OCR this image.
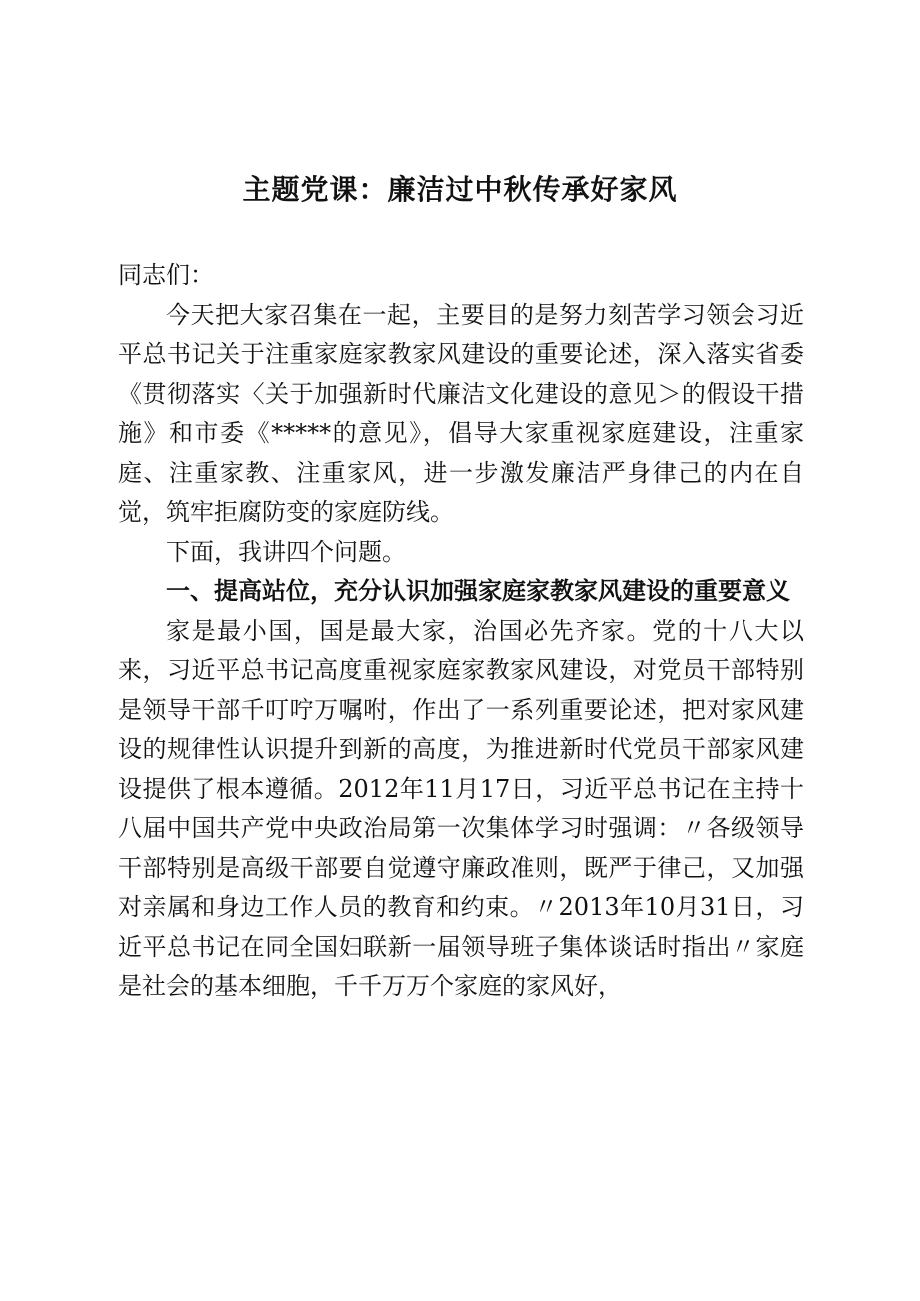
主题党课：廉洁过中秋传承好家风

同志们：

今天把大家召集在一起，主要目的是努力刻苦学习领会习近平总书记关于注重家庭家教家风建设的重要论述，深入落实省委《贯彻落实〈关于加强新时代廉洁文化建设的意见＞的假设干措施》和市委《*****的意见》，倡导大家重视家庭建设，注重家庭、注重家教、注重家风，进一步激发廉洁严身律己的内在自觉，筑牢拒腐防变的家庭防线。

下面，我讲四个问题。

一、提高站位，充分认识加强家庭家教家风建设的重要意义

家是最小国，国是最大家，治国必先齐家。党的十八大以来，习近平总书记高度重视家庭家教家风建设，对党员干部特别是领导干部千叮咛万嘱咐，作出了一系列重要论述，把对家风建设的规律性认识提升到新的高度，为推进新时代党员干部家风建设提供了根本遵循。2012年11月17日，习近平总书记在主持十八届中国共产党中央政治局第一次集体学习时强调：〃各级领导干部特别是高级干部要自觉遵守廉政准则，既严于律己，又加强对亲属和身边工作人员的教育和约束。〃2013年10月31日，习近平总书记在同全国妇联新一届领导班子集体谈话时指出〃家庭是社会的基本细胞，千千万万个家庭的家风好，
